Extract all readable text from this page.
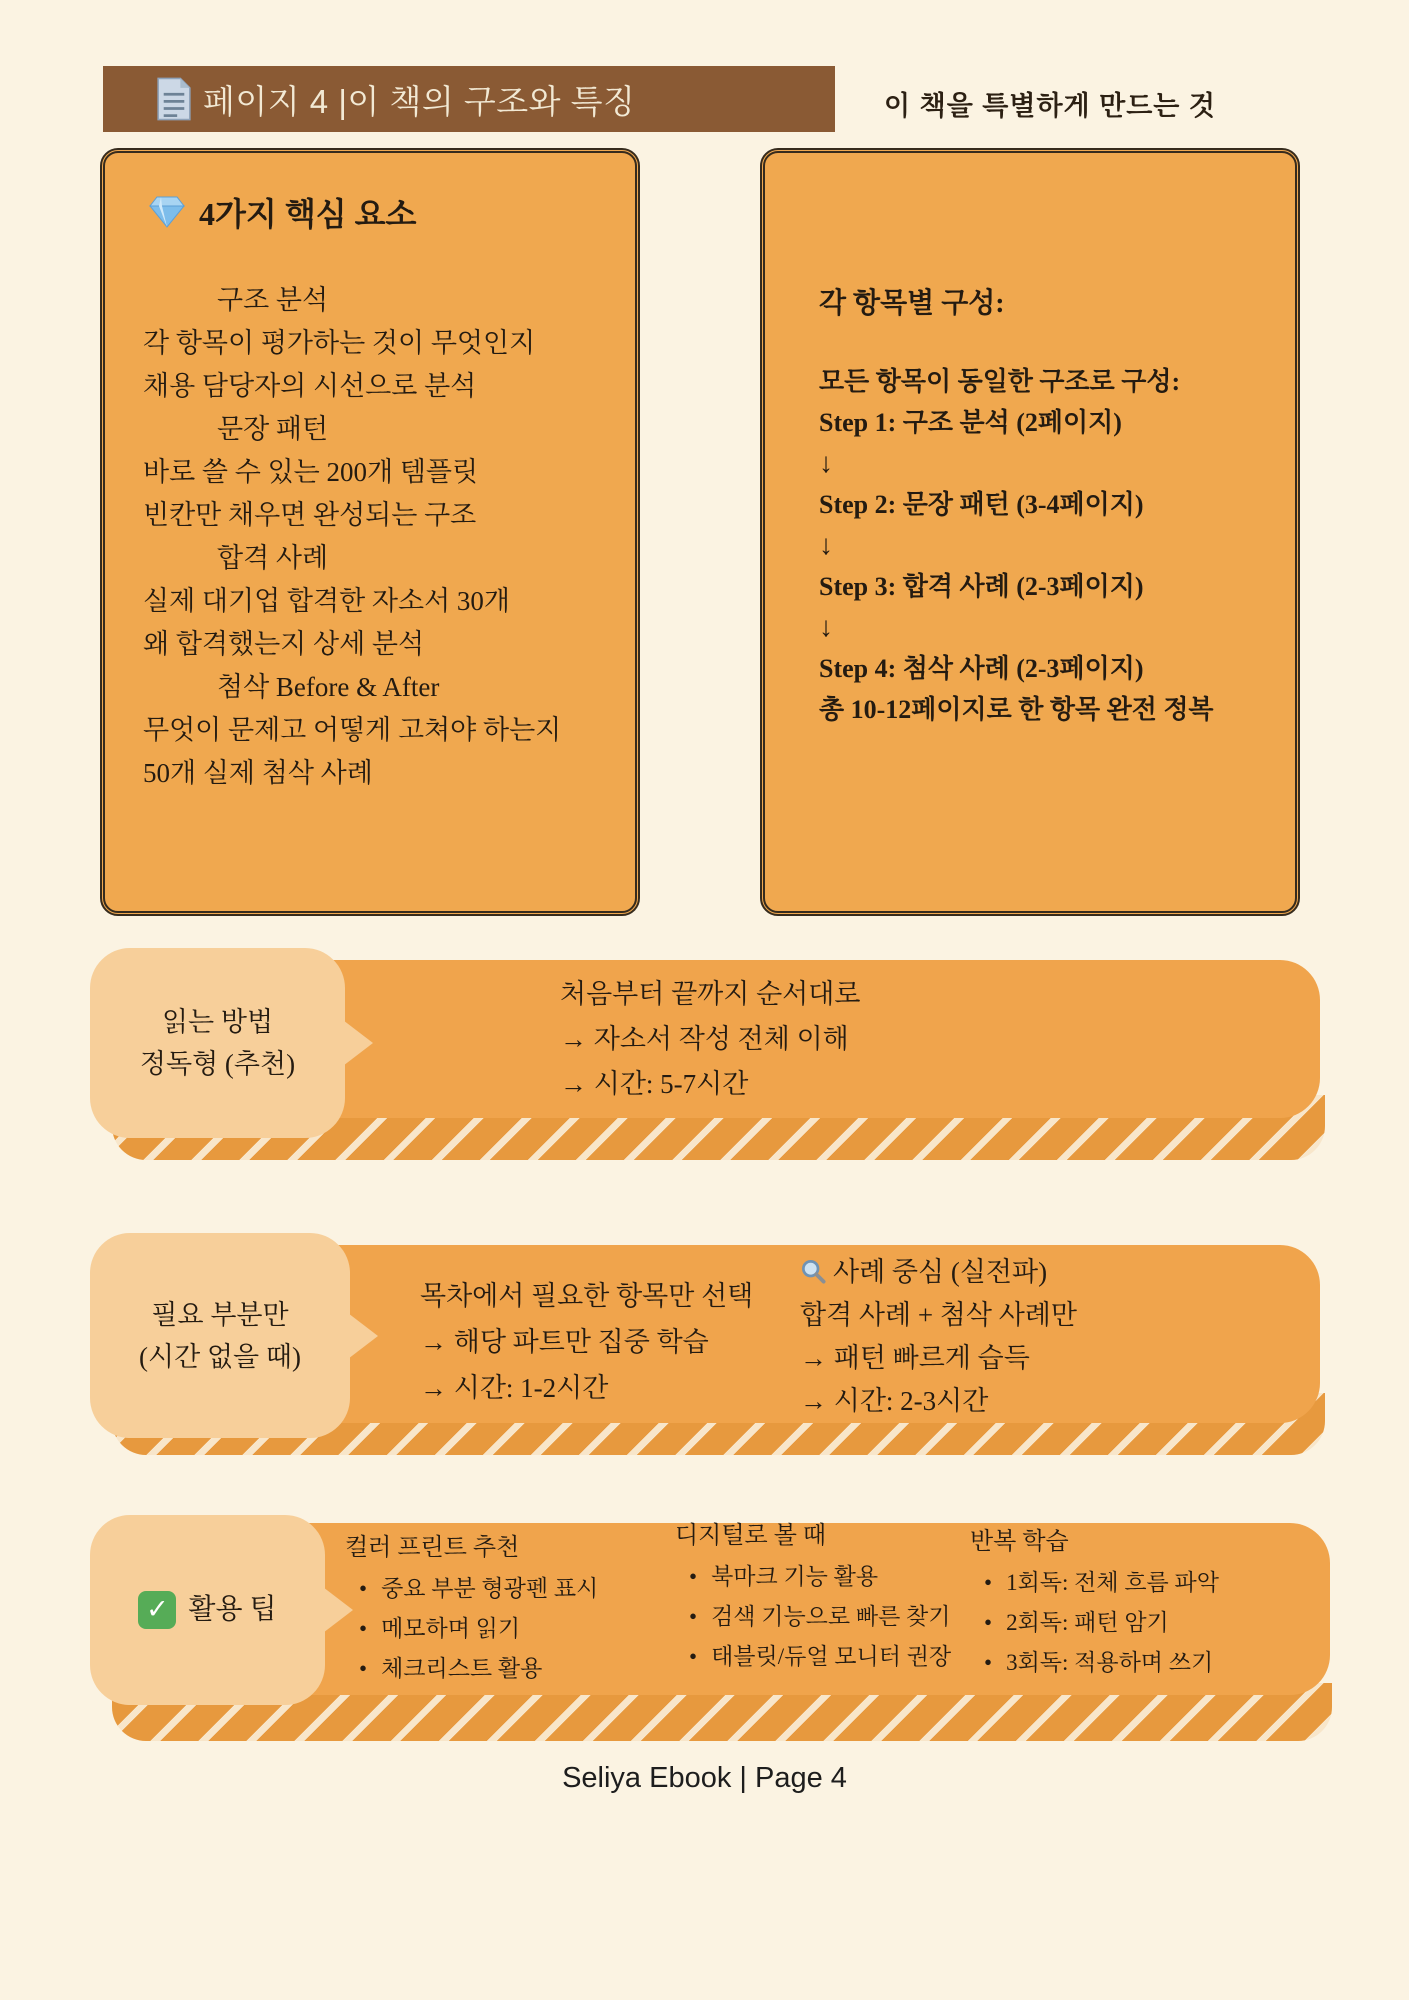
페이지 4 |이 책의 구조와 특징	이 책을 특별하게 만드는 것
4가지 핵심 요소
구조 분석
각 항목이 평가하는 것이 무엇인지
채용 담당자의 시선으로 분석
문장 패턴
바로 쓸 수 있는 200개 템플릿
빈칸만 채우면 완성되는 구조
합격 사례
실제 대기업 합격한 자소서 30개
왜 합격했는지 상세 분석
첨삭 Before & After
무엇이 문제고 어떻게 고쳐야 하는지
50개 실제 첨삭 사례
각 항목별 구성:
모든 항목이 동일한 구조로 구성:
Step 1: 구조 분석 (2페이지)
↓
Step 2: 문장 패턴 (3-4페이지)
↓
Step 3: 합격 사례 (2-3페이지)
↓
Step 4: 첨삭 사례 (2-3페이지)
총 10-12페이지로 한 항목 완전 정복
읽는 방법
정독형 (추천)
처음부터 끝까지 순서대로
→ 자소서 작성 전체 이해
→ 시간: 5-7시간
필요 부분만
(시간 없을 때)
목차에서 필요한 항목만 선택
→ 해당 파트만 집중 학습
→ 시간: 1-2시간
사례 중심 (실전파)
합격 사례 + 첨삭 사례만
→ 패턴 빠르게 습득
→ 시간: 2-3시간
✓ 활용 팁
컬러 프린트 추천
• 중요 부분 형광펜 표시
• 메모하며 읽기
• 체크리스트 활용
디지털로 볼 때
• 북마크 기능 활용
• 검색 기능으로 빠른 찾기
• 태블릿/듀얼 모니터 권장
반복 학습
• 1회독: 전체 흐름 파악
• 2회독: 패턴 암기
• 3회독: 적용하며 쓰기
Seliya Ebook | Page 4
